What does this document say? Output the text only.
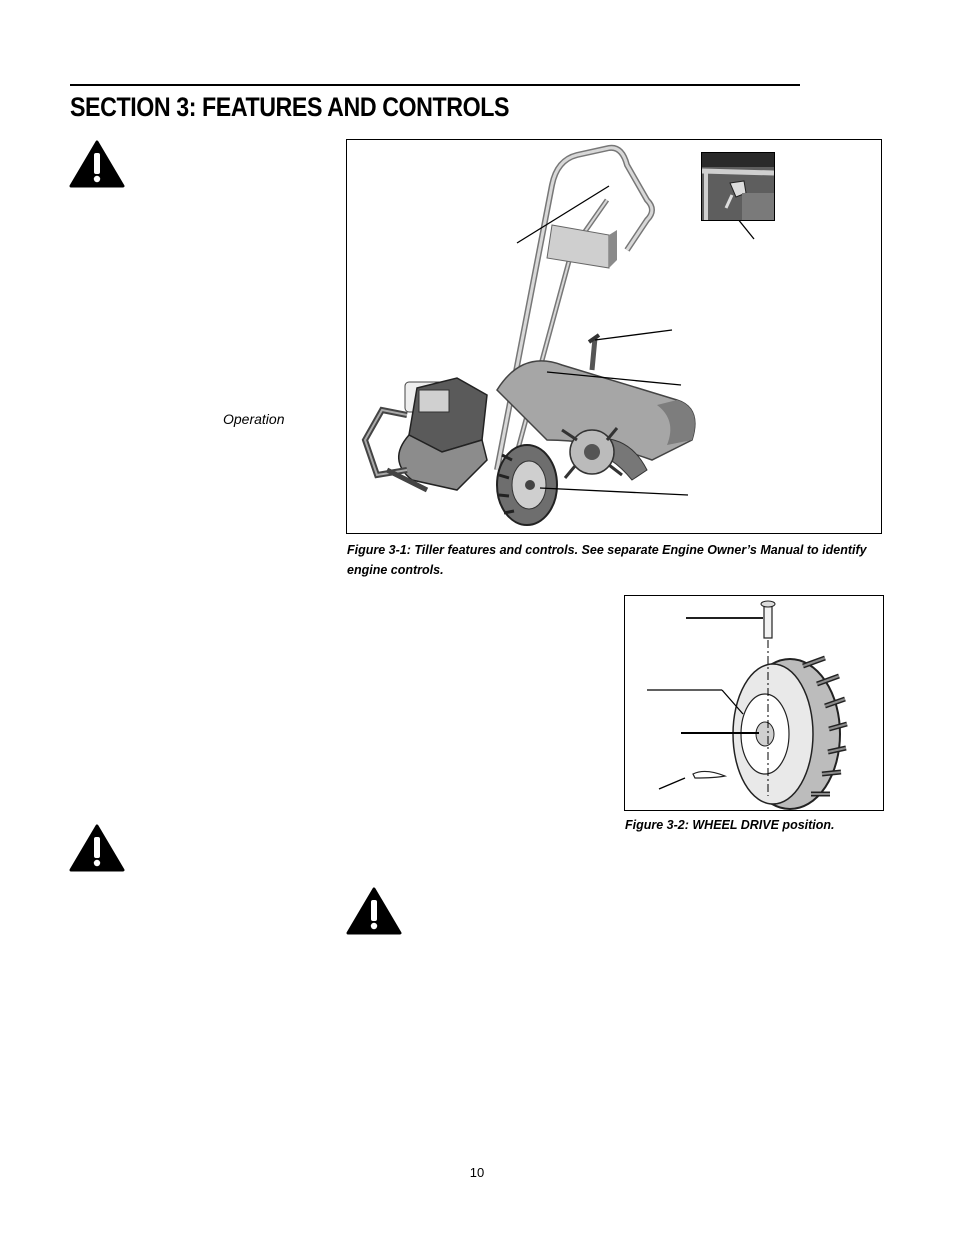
SECTION 3: FEATURES AND CONTROLS
Operation
Figure 3-1: Tiller features and controls. See separate Engine Owner’s Manual to identify engine controls.
Figure 3-2: WHEEL DRIVE position.
10
